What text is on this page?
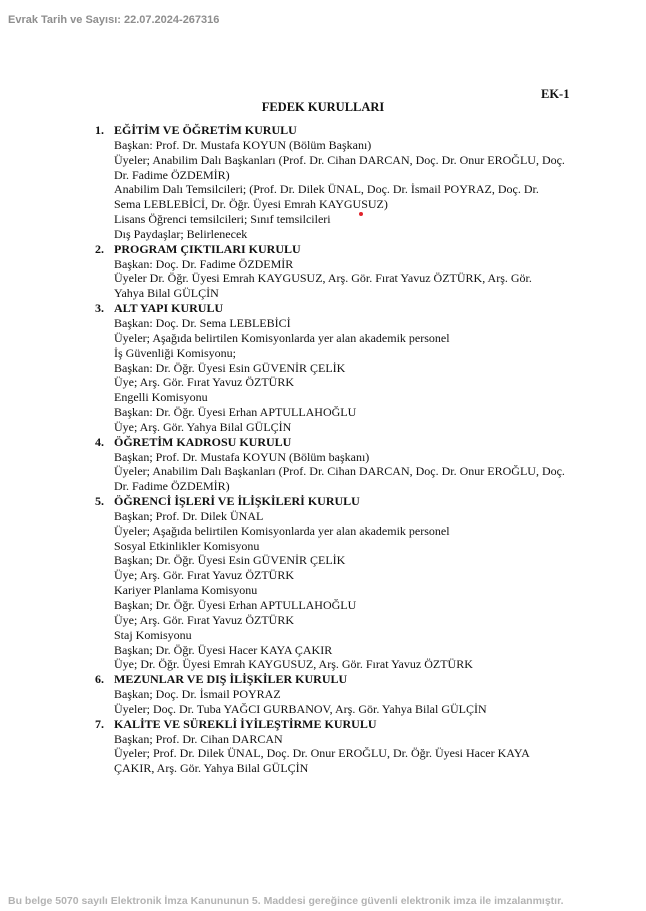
Evrak Tarih ve Sayısı: 22.07.2024-267316
EK-1
FEDEK KURULLARI
1. EĞİTİM VE ÖĞRETİM KURULU
Başkan: Prof. Dr. Mustafa KOYUN (Bölüm Başkanı)
Üyeler; Anabilim Dalı Başkanları (Prof. Dr. Cihan DARCAN, Doç. Dr. Onur EROĞLU, Doç.
Dr. Fadime ÖZDEMİR)
Anabilim Dalı Temsilcileri; (Prof. Dr. Dilek ÜNAL, Doç. Dr. İsmail POYRAZ, Doç. Dr.
Sema LEBLEBİCİ, Dr. Öğr. Üyesi Emrah KAYGUSUZ)
Lisans Öğrenci temsilcileri; Sınıf temsilcileri
Dış Paydaşlar; Belirlenecek
2. PROGRAM ÇIKTILARI KURULU
Başkan: Doç. Dr. Fadime ÖZDEMİR
Üyeler Dr. Öğr. Üyesi Emrah KAYGUSUZ, Arş. Gör. Fırat Yavuz ÖZTÜRK, Arş. Gör.
Yahya Bilal GÜLÇİN
3. ALT YAPI KURULU
Başkan: Doç. Dr. Sema LEBLEBİCİ
Üyeler; Aşağıda belirtilen Komisyonlarda yer alan akademik personel
İş Güvenliği Komisyonu;
Başkan: Dr. Öğr. Üyesi Esin GÜVENİR ÇELİK
Üye; Arş. Gör. Fırat Yavuz ÖZTÜRK
Engelli Komisyonu
Başkan: Dr. Öğr. Üyesi Erhan APTULLAHOĞLU
Üye; Arş. Gör. Yahya Bilal GÜLÇİN
4. ÖĞRETİM KADROSU KURULU
Başkan; Prof. Dr. Mustafa KOYUN (Bölüm başkanı)
Üyeler; Anabilim Dalı Başkanları (Prof. Dr. Cihan DARCAN, Doç. Dr. Onur EROĞLU, Doç.
Dr. Fadime ÖZDEMİR)
5. ÖĞRENCİ İŞLERİ VE İLİŞKİLERİ KURULU
Başkan; Prof. Dr. Dilek ÜNAL
Üyeler; Aşağıda belirtilen Komisyonlarda yer alan akademik personel
Sosyal Etkinlikler Komisyonu
Başkan; Dr. Öğr. Üyesi Esin GÜVENİR ÇELİK
Üye; Arş. Gör. Fırat Yavuz ÖZTÜRK
Kariyer Planlama Komisyonu
Başkan; Dr. Öğr. Üyesi Erhan APTULLAHOĞLU
Üye; Arş. Gör. Fırat Yavuz ÖZTÜRK
Staj Komisyonu
Başkan; Dr. Öğr. Üyesi Hacer KAYA ÇAKIR
Üye; Dr. Öğr. Üyesi Emrah KAYGUSUZ, Arş. Gör. Fırat Yavuz ÖZTÜRK
6. MEZUNLAR VE DIŞ İLİŞKİLER KURULU
Başkan; Doç. Dr. İsmail POYRAZ
Üyeler; Doç. Dr. Tuba YAĞCI GURBANOV, Arş. Gör. Yahya Bilal GÜLÇİN
7. KALİTE VE SÜREKLİ İYİLEŞTİRME KURULU
Başkan; Prof. Dr. Cihan DARCAN
Üyeler; Prof. Dr. Dilek ÜNAL, Doç. Dr. Onur EROĞLU, Dr. Öğr. Üyesi Hacer KAYA
ÇAKIR, Arş. Gör. Yahya Bilal GÜLÇİN
Bu belge 5070 sayılı Elektronik İmza Kanununun 5. Maddesi gereğince güvenli elektronik imza ile imzalanmıştır.
